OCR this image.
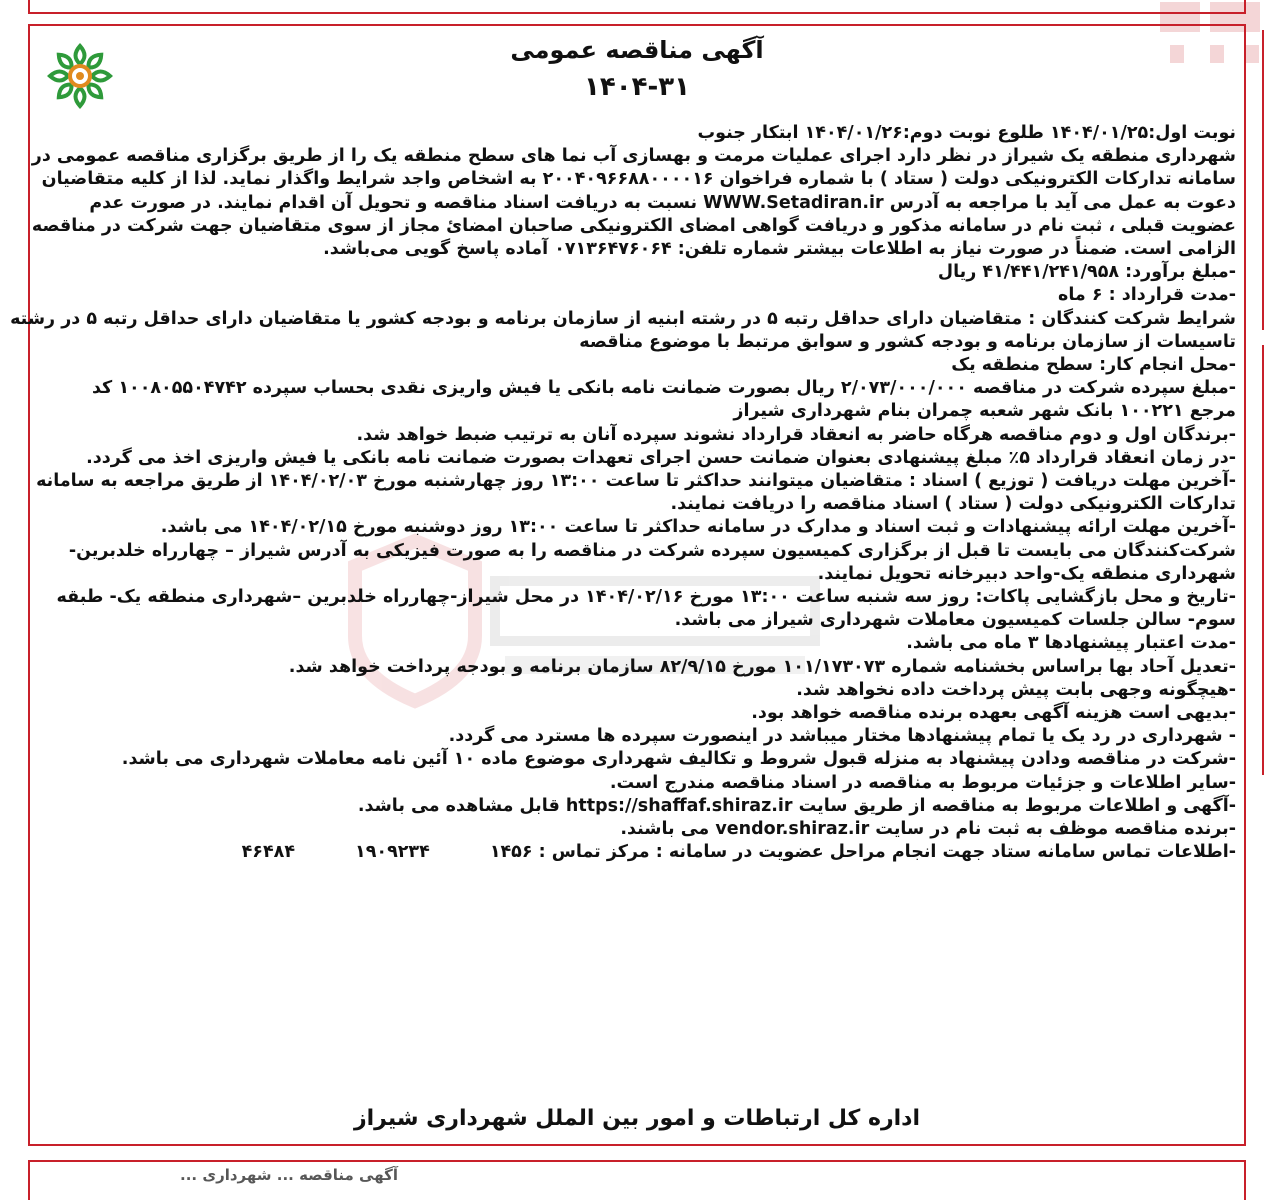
آگهی مناقصه عمومی
۱۴۰۴-۳۱
نوبت اول:۱۴۰۴/۰۱/۲۵ طلوع نوبت دوم:۱۴۰۴/۰۱/۲۶ ابتکار جنوب
شهرداری منطقه یک شیراز در نظر دارد اجرای عملیات مرمت و بهسازی آب نما های سطح منطقه یک را از طریق برگزاری مناقصه عمومی در
سامانه تدارکات الکترونیکی دولت ( ستاد ) با شماره فراخوان ۲۰۰۴۰۹۶۶۸۸۰۰۰۰۱۶ به اشخاص واجد شرایط واگذار نماید. لذا از کلیه متقاضیان
دعوت به عمل می آید با مراجعه به آدرس WWW.Setadiran.ir نسبت به دریافت اسناد مناقصه و تحویل آن اقدام نمایند. در صورت عدم
عضویت قبلی ، ثبت نام در سامانه مذکور و دریافت گواهی امضای الکترونیکی صاحبان امضائ مجاز از سوی متقاضیان جهت شرکت در مناقصه
الزامی است. ضمناً در صورت نیاز به اطلاعات بیشتر شماره تلفن: ۰۷۱۳۶۴۷۶۰۶۴ آماده پاسخ گویی می‌باشد.
-مبلغ برآورد: ۴۱/۴۴۱/۲۴۱/۹۵۸ ریال
-مدت قرارداد : ۶ ماه
شرایط شرکت کنندگان : متقاضیان دارای حداقل رتبه ۵ در رشته ابنیه از سازمان برنامه و بودجه کشور یا متقاضیان دارای حداقل رتبه ۵ در رشته
تاسیسات از سازمان برنامه و بودجه کشور و سوابق مرتبط با موضوع مناقصه
-محل انجام کار: سطح منطقه یک
-مبلغ سپرده شرکت در مناقصه ۲/۰۷۳/۰۰۰/۰۰۰ ریال بصورت ضمانت نامه بانکی یا فیش واریزی نقدی بحساب سپرده ۱۰۰۸۰۵۵۰۴۷۴۲ کد
مرجع ۱۰۰۲۲۱ بانک شهر شعبه چمران بنام شهرداری شیراز
-برندگان اول و دوم مناقصه هرگاه حاضر به انعقاد قرارداد نشوند سپرده آنان به ترتیب ضبط خواهد شد.
-در زمان انعقاد قرارداد ۵٪ مبلغ پیشنهادی بعنوان ضمانت حسن اجرای تعهدات بصورت ضمانت نامه بانکی یا فیش واریزی اخذ می گردد.
-آخرین مهلت دریافت ( توزیع ) اسناد : متقاضیان میتوانند حداکثر تا ساعت ۱۳:۰۰ روز چهارشنبه مورخ ۱۴۰۴/۰۲/۰۳ از طریق مراجعه به سامانه
تدارکات الکترونیکی دولت ( ستاد ) اسناد مناقصه را دریافت نمایند.
-آخرین مهلت ارائه پیشنهادات و ثبت اسناد و مدارک در سامانه حداکثر تا ساعت ۱۳:۰۰ روز دوشنبه مورخ ۱۴۰۴/۰۲/۱۵ می باشد.
شرکت‌کنندگان می بایست تا قبل از برگزاری کمیسیون سپرده شرکت در مناقصه را به صورت فیزیکی به آدرس شیراز – چهارراه خلدبرین-
شهرداری منطقه یک-واحد دبیرخانه تحویل نمایند.
-تاریخ و محل بازگشایی پاکات: روز سه شنبه ساعت ۱۳:۰۰ مورخ ۱۴۰۴/۰۲/۱۶ در محل شیراز-چهارراه خلدبرین –شهرداری منطقه یک- طبقه
سوم- سالن جلسات کمیسیون معاملات شهرداری شیراز می باشد.
-مدت اعتبار پیشنهادها ۳ ماه می باشد.
-تعدیل آحاد بها براساس بخشنامه شماره ۱۰۱/۱۷۳۰۷۳ مورخ ۸۲/۹/۱۵ سازمان برنامه و بودجه پرداخت خواهد شد.
-هیچگونه وجهی بابت پیش پرداخت داده نخواهد شد.
-بدیهی است هزینه آگهی بعهده برنده مناقصه خواهد بود.
- شهرداری در رد یک یا تمام پیشنهادها مختار میباشد در اینصورت سپرده ها مسترد می گردد.
-شرکت در مناقصه ودادن پیشنهاد به منزله قبول شروط و تکالیف شهرداری موضوع ماده ۱۰ آئین نامه معاملات شهرداری می باشد.
-سایر اطلاعات و جزئیات مربوط به مناقصه در اسناد مناقصه مندرج است.
-آگهی و اطلاعات مربوط به مناقصه از طریق سایت https://shaffaf.shiraz.ir قابل مشاهده می باشد.
-برنده مناقصه موظف به ثبت نام در سایت vendor.shiraz.ir می باشند.
-اطلاعات تماس سامانه ستاد جهت انجام مراحل عضویت در سامانه : مرکز تماس : ۱۴۵۶
۱۹۰۹۲۳۴
۴۶۴۸۴
اداره کل ارتباطات و امور بین الملل شهرداری شیراز
آگهی مناقصه ... شهرداری ...
